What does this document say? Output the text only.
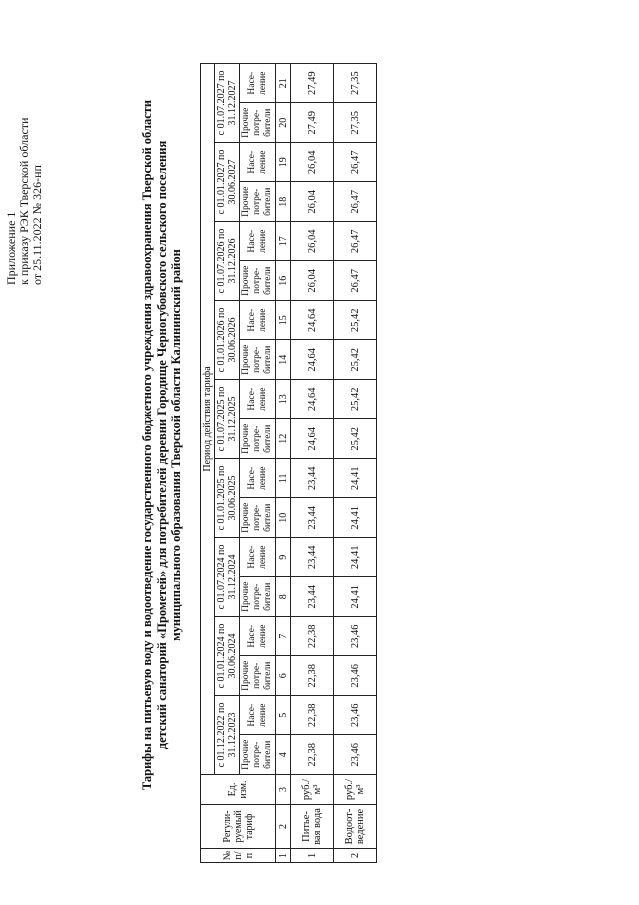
Приложение 1 к приказу РЭК Тверской области от 25.11.2022 № 326-нп	Тарифы на питьевую воду и водоотведение государственного бюджетного учреждения здравоохранения Тверской области детский санаторий «Прометей» для потребителей деревни Городище Черногубовского сельского поселения муниципального образования Тверской области Калининский район
№ п/п	Регули-руемый тариф	Ед. изм.	Период действия тарифа																	
			с 01.12.2022 по 31.12.2023		с 01.01.2024 по 30.06.2024		с 01.07.2024 по 31.12.2024		с 01.01.2025 по 30.06.2025		с 01.07.2025 по 31.12.2025		с 01.01.2026 по 30.06.2026		с 01.07.2026 по 31.12.2026		с 01.01.2027 по 30.06.2027		с 01.07.2027 по 31.12.2027	
			Прочие потре-бители	Насе-ление	Прочие потре-бители	Насе-ление	Прочие потре-бители	Насе-ление	Прочие потре-бители	Насе-ление	Прочие потре-бители	Насе-ление	Прочие потре-бители	Насе-ление	Прочие потре-бители	Насе-ление	Прочие потре-бители	Насе-ление	Прочие потре-бители	Насе-ление
1	2	3	4	5	6	7	8	9	10	11	12	13	14	15	16	17	18	19	20	21
1	Питье-вая вода	руб./м³	22,38	22,38	22,38	22,38	23,44	23,44	23,44	23,44	24,64	24,64	24,64	24,64	26,04	26,04	26,04	26,04	27,49	27,49
2	Водоот-ведение	руб./м³	23,46	23,46	23,46	23,46	24,41	24,41	24,41	24,41	25,42	25,42	25,42	25,42	26,47	26,47	26,47	26,47	27,35	27,35
